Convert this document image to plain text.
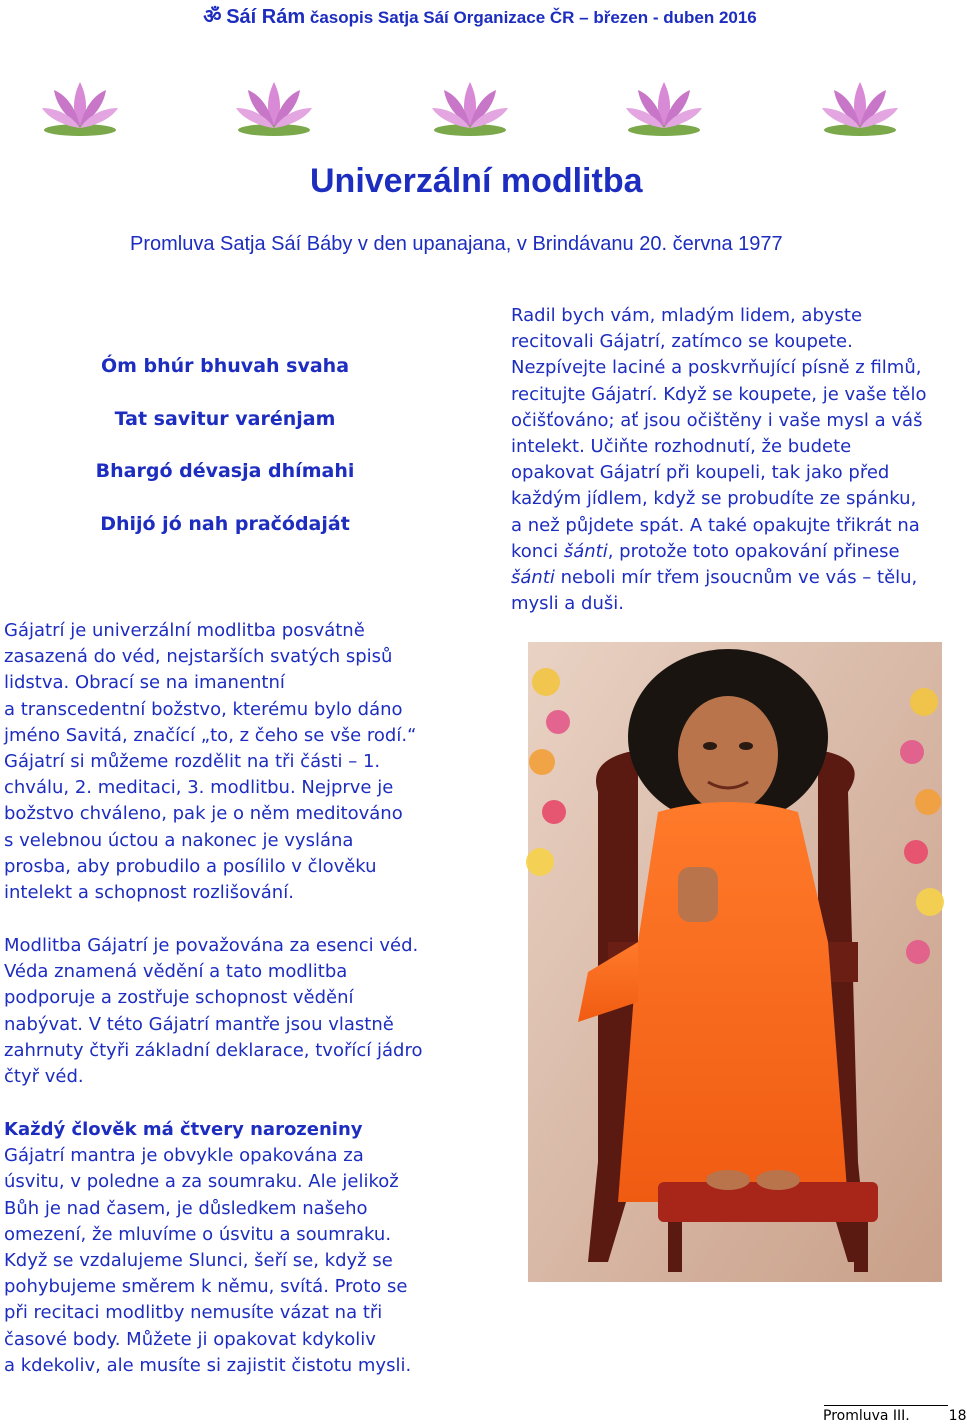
ॐ Sáí Rám časopis Satja Sáí Organizace ČR – březen - duben 2016
Univerzální modlitba
Promluva Satja Sáí Báby v den upanajana, v Brindávanu 20. června 1977
Óm bhúr bhuvah svaha
Tat savitur varénjam
Bhargó dévasja dhímahi
Dhijó jó nah pračódaját
Gájatrí je univerzální modlitba posvátně
zasazená do véd, nejstarších svatých spisů
lidstva. Obrací se na imanentní
a transcedentní božstvo, kterému bylo dáno
jméno Savitá, značící „to, z čeho se vše rodí.“
Gájatrí si můžeme rozdělit na tři části – 1.
chválu, 2. meditaci, 3. modlitbu. Nejprve je
božstvo chváleno, pak je o něm meditováno
s velebnou úctou a nakonec je vyslána
prosba, aby probudilo a posílilo v člověku
intelekt a schopnost rozlišování.
Modlitba Gájatrí je považována za esenci véd.
Véda znamená vědění a tato modlitba
podporuje a zostřuje schopnost vědění
nabývat. V této Gájatrí mantře jsou vlastně
zahrnuty čtyři základní deklarace, tvořící jádro
čtyř véd.
Každý člověk má čtvery narozeniny
Gájatrí mantra je obvykle opakována za
úsvitu, v poledne a za soumraku. Ale jelikož
Bůh je nad časem, je důsledkem našeho
omezení, že mluvíme o úsvitu a soumraku.
Když se vzdalujeme Slunci, šeří se, když se
pohybujeme směrem k němu, svítá. Proto se
při recitaci modlitby nemusíte vázat na tři
časové body. Můžete ji opakovat kdykoliv
a kdekoliv, ale musíte si zajistit čistotu mysli.
Radil bych vám, mladým lidem, abyste
recitovali Gájatrí, zatímco se koupete.
Nezpívejte laciné a poskvrňující písně z filmů,
recitujte Gájatrí. Když se koupete, je vaše tělo
očišťováno; ať jsou očištěny i vaše mysl a váš
intelekt. Učiňte rozhodnutí, že budete
opakovat Gájatrí při koupeli, tak jako před
každým jídlem, když se probudíte ze spánku,
a než půjdete spát. A také opakujte třikrát na
konci šánti, protože toto opakování přinese
šánti neboli mír třem jsoucnům ve vás – tělu,
mysli a duši.
Promluva III.	18
